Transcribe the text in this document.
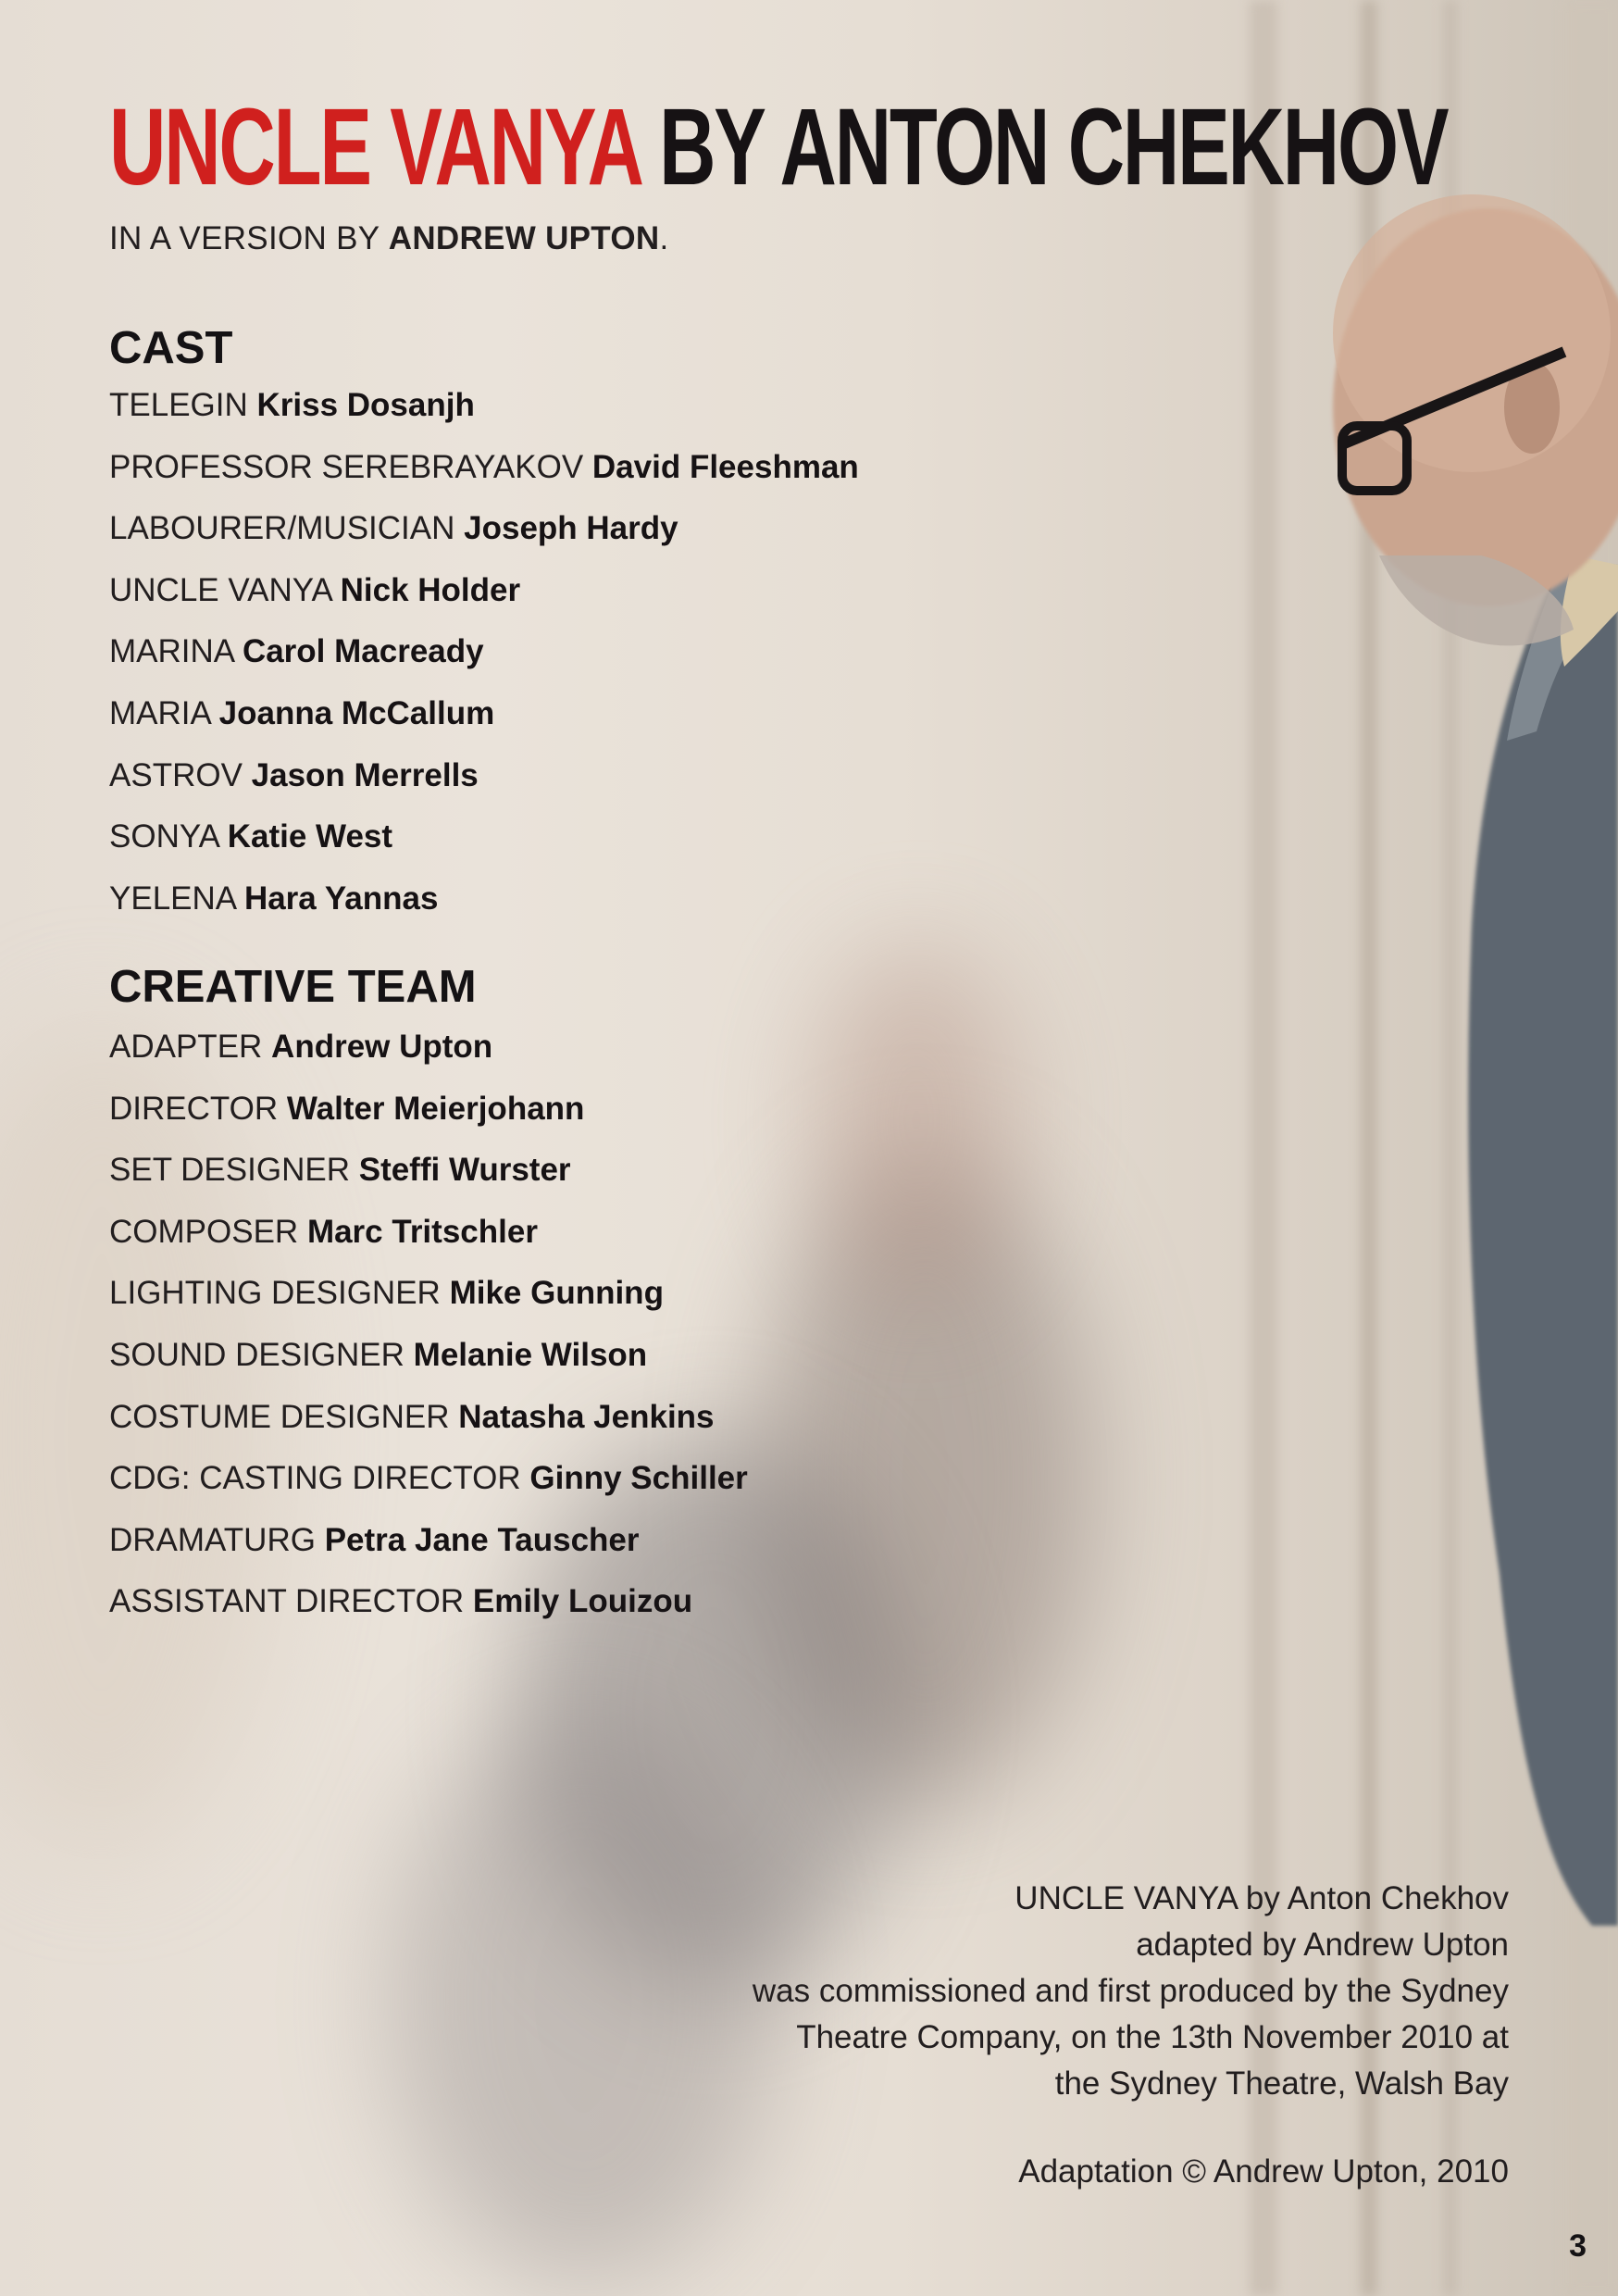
UNCLE VANYA BY ANTON CHEKHOV
IN A VERSION BY ANDREW UPTON.
CAST
TELEGIN Kriss Dosanjh
PROFESSOR SEREBRAYAKOV David Fleeshman
LABOURER/MUSICIAN Joseph Hardy
UNCLE VANYA Nick Holder
MARINA Carol Macready
MARIA Joanna McCallum
ASTROV Jason Merrells
SONYA Katie West
YELENA Hara Yannas
CREATIVE TEAM
ADAPTER Andrew Upton
DIRECTOR Walter Meierjohann
SET DESIGNER Steffi Wurster
COMPOSER Marc Tritschler
LIGHTING DESIGNER Mike Gunning
SOUND DESIGNER Melanie Wilson
COSTUME DESIGNER Natasha Jenkins
CDG: CASTING DIRECTOR Ginny Schiller
DRAMATURG Petra Jane Tauscher
ASSISTANT DIRECTOR Emily Louizou

UNCLE VANYA by Anton Chekhov

adapted by Andrew Upton

was commissioned and first produced by the Sydney

Theatre Company, on the 13th November 2010 at

the Sydney Theatre, Walsh Bay

Adaptation © Andrew Upton, 2010
3
